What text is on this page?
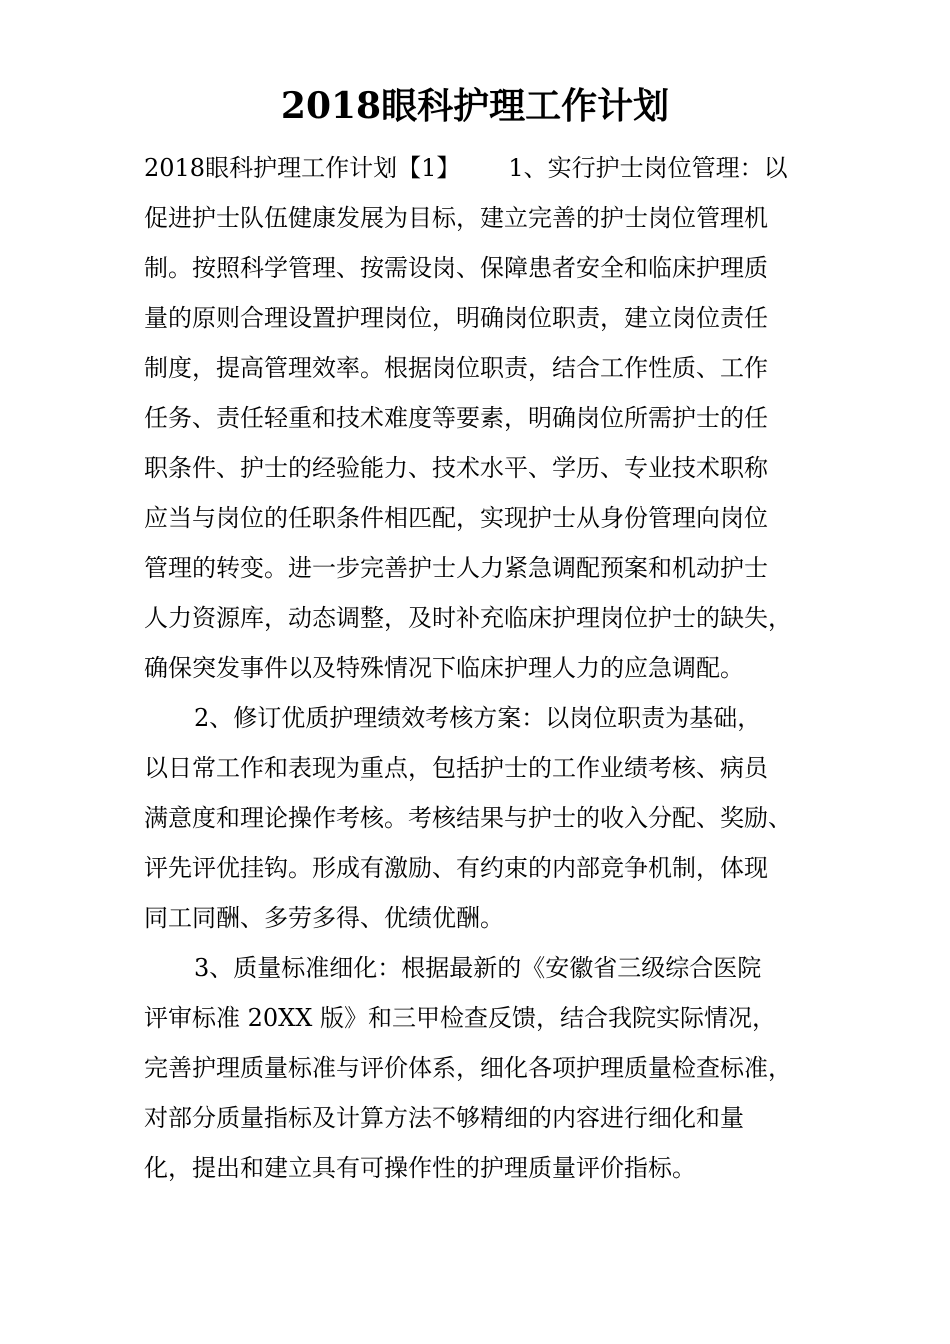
2018眼科护理工作计划

2018眼科护理工作计划【1】 1、实行护士岗位管理：以

促进护士队伍健康发展为目标，建立完善的护士岗位管理机

制。按照科学管理、按需设岗、保障患者安全和临床护理质

量的原则合理设置护理岗位，明确岗位职责，建立岗位责任

制度，提高管理效率。根据岗位职责，结合工作性质、工作

任务、责任轻重和技术难度等要素，明确岗位所需护士的任

职条件、护士的经验能力、技术水平、学历、专业技术职称

应当与岗位的任职条件相匹配，实现护士从身份管理向岗位

管理的转变。进一步完善护士人力紧急调配预案和机动护士

人力资源库，动态调整，及时补充临床护理岗位护士的缺失，

确保突发事件以及特殊情况下临床护理人力的应急调配。

2、修订优质护理绩效考核方案：以岗位职责为基础，

以日常工作和表现为重点，包括护士的工作业绩考核、病员

满意度和理论操作考核。考核结果与护士的收入分配、奖励、

评先评优挂钩。形成有激励、有约束的内部竞争机制，体现

同工同酬、多劳多得、优绩优酬。

3、质量标准细化：根据最新的《安徽省三级综合医院

评审标准 20XX 版》和三甲检查反馈，结合我院实际情况，

完善护理质量标准与评价体系，细化各项护理质量检查标准，

对部分质量指标及计算方法不够精细的内容进行细化和量

化，提出和建立具有可操作性的护理质量评价指标。
